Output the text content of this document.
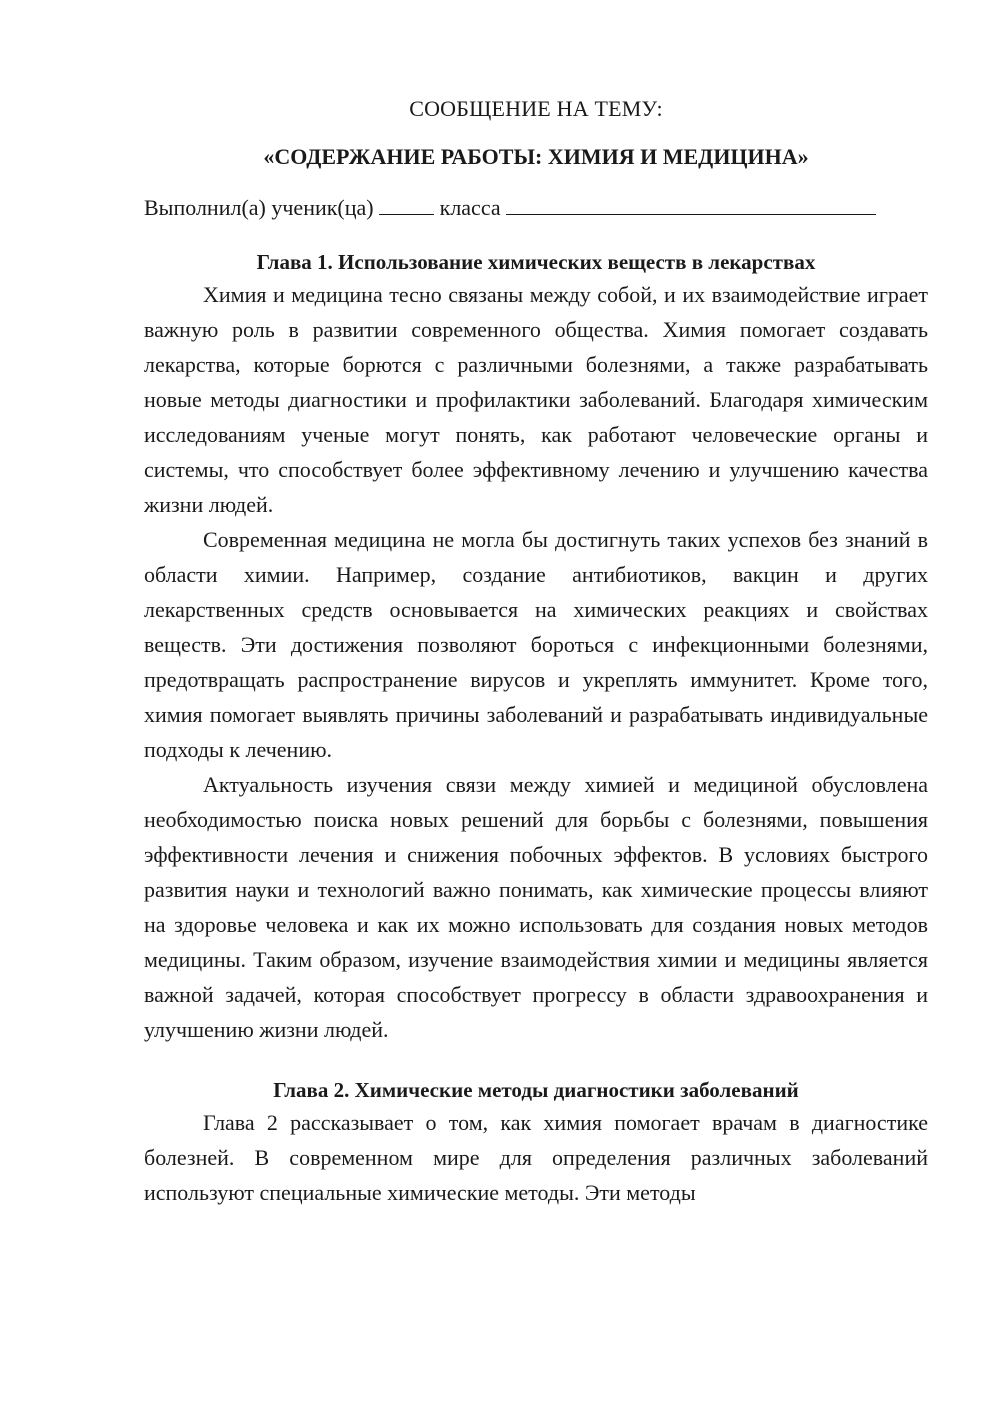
СООБЩЕНИЕ НА ТЕМУ:

«СОДЕРЖАНИЕ РАБОТЫ: ХИМИЯ И МЕДИЦИНА»

Выполнил(а) ученик(ца)	класса
Глава 1. Использование химических веществ в лекарствах

Химия и медицина тесно связаны между собой, и их взаимодействие играет важную роль в развитии современного общества. Химия помогает создавать лекарства, которые борются с различными болезнями, а также разрабатывать новые методы диагностики и профилактики заболеваний. Благодаря химическим исследованиям ученые могут понять, как работают человеческие органы и системы, что способствует более эффективному лечению и улучшению качества жизни людей.

Современная медицина не могла бы достигнуть таких успехов без знаний в области химии. Например, создание антибиотиков, вакцин и других лекарственных средств основывается на химических реакциях и свойствах веществ. Эти достижения позволяют бороться с инфекционными болезнями, предотвращать распространение вирусов и укреплять иммунитет. Кроме того, химия помогает выявлять причины заболеваний и разрабатывать индивидуальные подходы к лечению.

Актуальность изучения связи между химией и медициной обусловлена необходимостью поиска новых решений для борьбы с болезнями, повышения эффективности лечения и снижения побочных эффектов. В условиях быстрого развития науки и технологий важно понимать, как химические процессы влияют на здоровье человека и как их можно использовать для создания новых методов медицины. Таким образом, изучение взаимодействия химии и медицины является важной задачей, которая способствует прогрессу в области здравоохранения и улучшению жизни людей.

Глава 2. Химические методы диагностики заболеваний

Глава 2 рассказывает о том, как химия помогает врачам в диагностике болезней. В современном мире для определения различных заболеваний используют специальные химические методы. Эти методы
